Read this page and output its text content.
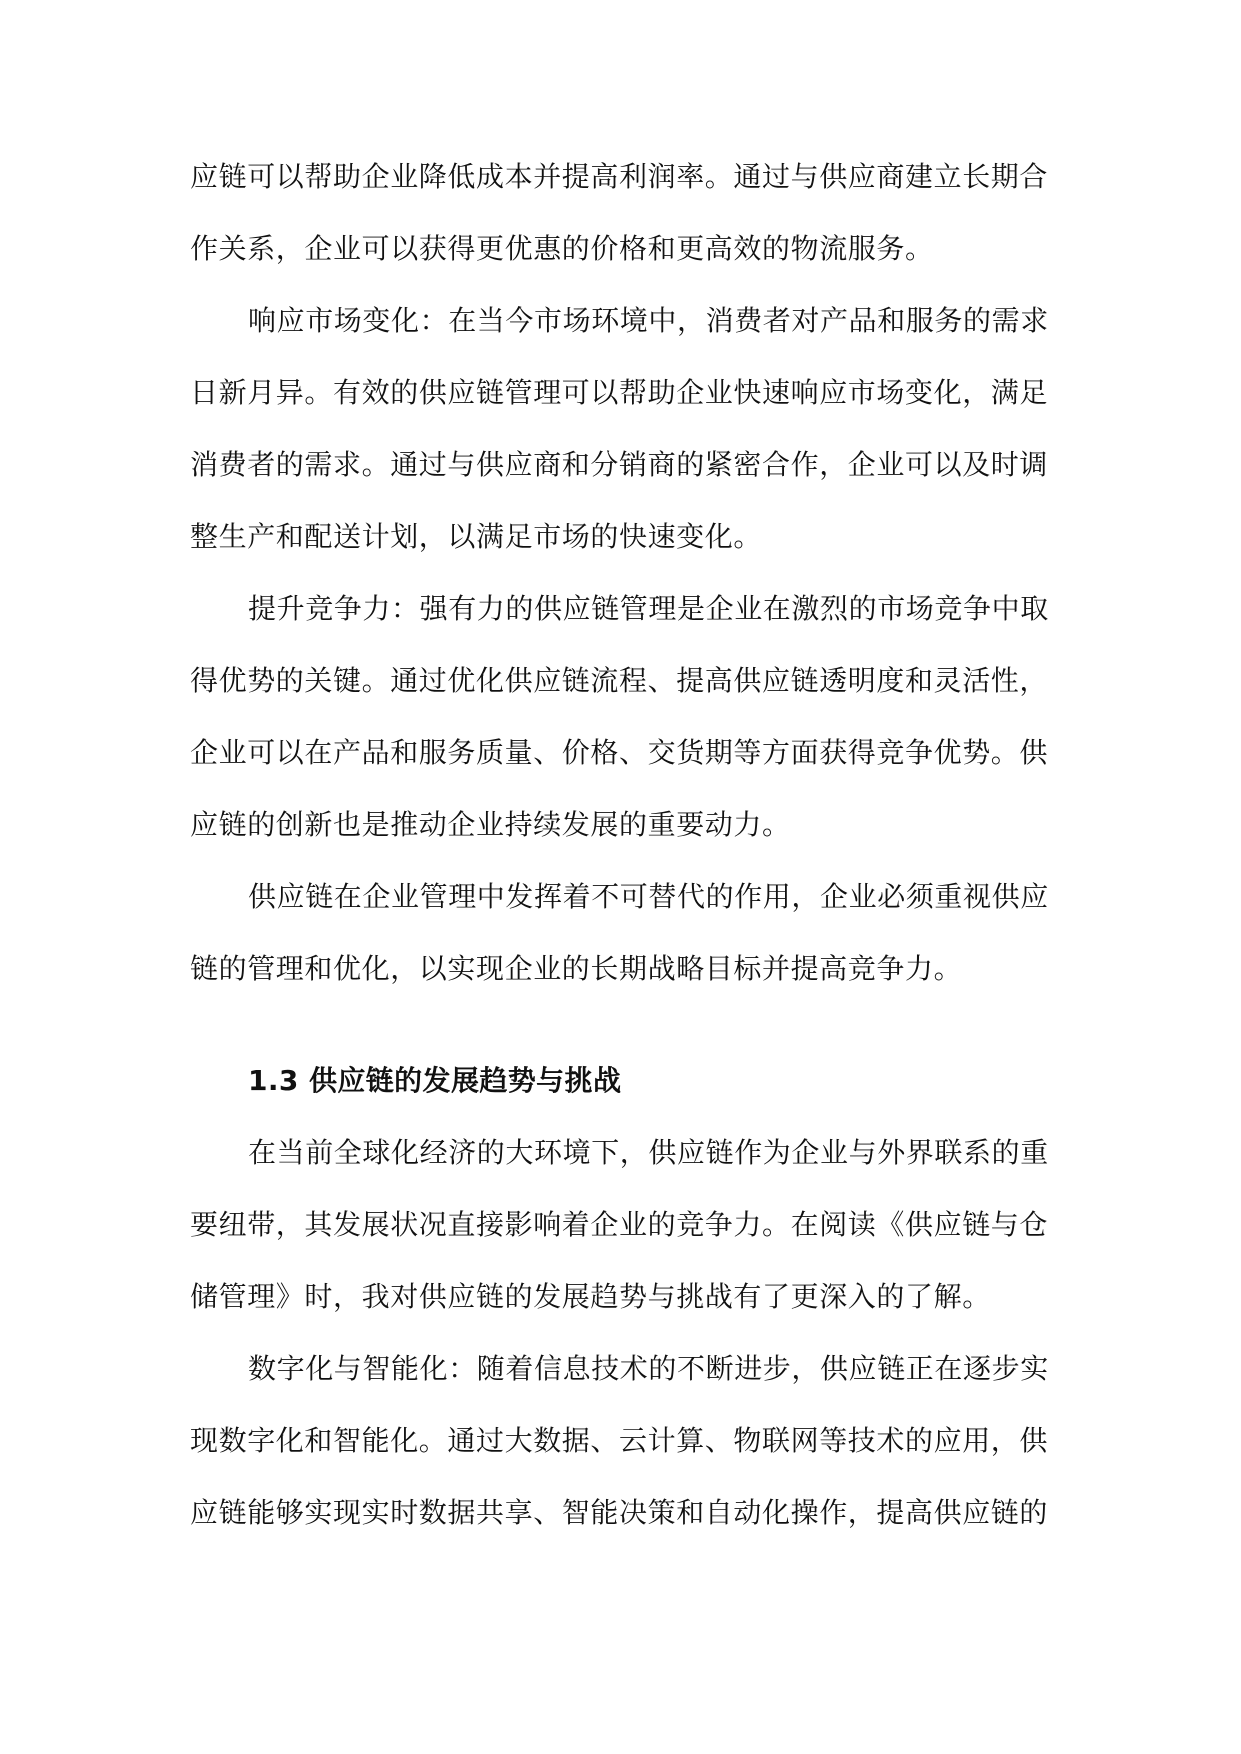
应链可以帮助企业降低成本并提高利润率。通过与供应商建立长期合
作关系，企业可以获得更优惠的价格和更高效的物流服务。
响应市场变化：在当今市场环境中，消费者对产品和服务的需求
日新月异。有效的供应链管理可以帮助企业快速响应市场变化，满足
消费者的需求。通过与供应商和分销商的紧密合作，企业可以及时调
整生产和配送计划，以满足市场的快速变化。
提升竞争力：强有力的供应链管理是企业在激烈的市场竞争中取
得优势的关键。通过优化供应链流程、提高供应链透明度和灵活性，
企业可以在产品和服务质量、价格、交货期等方面获得竞争优势。供
应链的创新也是推动企业持续发展的重要动力。
供应链在企业管理中发挥着不可替代的作用，企业必须重视供应
链的管理和优化，以实现企业的长期战略目标并提高竞争力。
1.3 供应链的发展趋势与挑战
在当前全球化经济的大环境下，供应链作为企业与外界联系的重
要纽带，其发展状况直接影响着企业的竞争力。在阅读《供应链与仓
储管理》时，我对供应链的发展趋势与挑战有了更深入的了解。
数字化与智能化：随着信息技术的不断进步，供应链正在逐步实
现数字化和智能化。通过大数据、云计算、物联网等技术的应用，供
应链能够实现实时数据共享、智能决策和自动化操作，提高供应链的
